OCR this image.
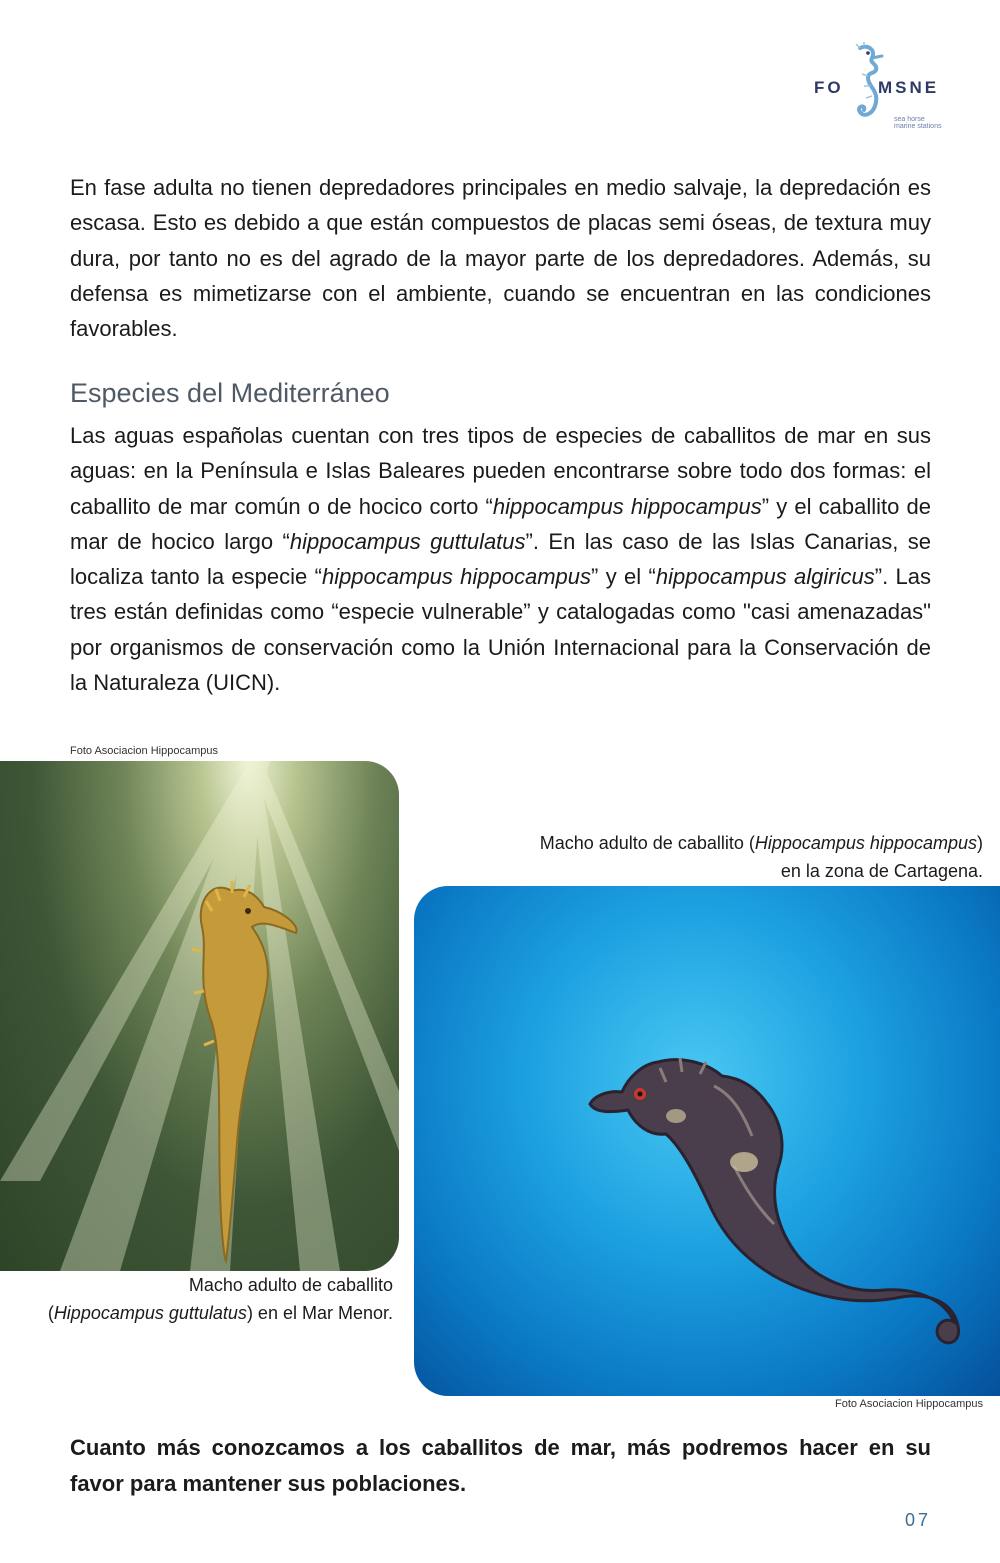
FO MSNE
sea horse marine stations

En fase adulta no tienen depredadores principales en medio salvaje, la depredación es escasa. Esto es debido a que están compuestos de placas semi óseas, de textura muy dura, por tanto no es del agrado de la mayor parte de los depredadores. Además, su defensa es mimetizarse con el ambiente, cuando se encuentran en las condiciones favorables.

Especies del Mediterráneo

Las aguas españolas cuentan con tres tipos de especies de caballitos de mar en sus aguas: en la Península e Islas Baleares pueden encontrarse sobre todo dos formas: el caballito de mar común o de hocico corto “hippocampus hippocampus” y el caballito de mar de hocico largo “hippocampus guttulatus”. En las caso de las Islas Canarias, se localiza tanto la especie “hippocampus hippocampus” y el “hippocampus algiricus”. Las tres están definidas como “especie vulnerable” y catalogadas como "casi amenazadas" por organismos de conservación como la Unión Internacional para la Conservación de la Naturaleza (UICN).

Foto Asociacion Hippocampus
Macho adulto de caballito
(Hippocampus guttulatus) en el Mar Menor.
Macho adulto de caballito (Hippocampus hippocampus)
en la zona de Cartagena.
Foto Asociacion Hippocampus

Cuanto más conozcamos a los caballitos de mar, más podremos hacer en su favor para mantener sus poblaciones.

07
